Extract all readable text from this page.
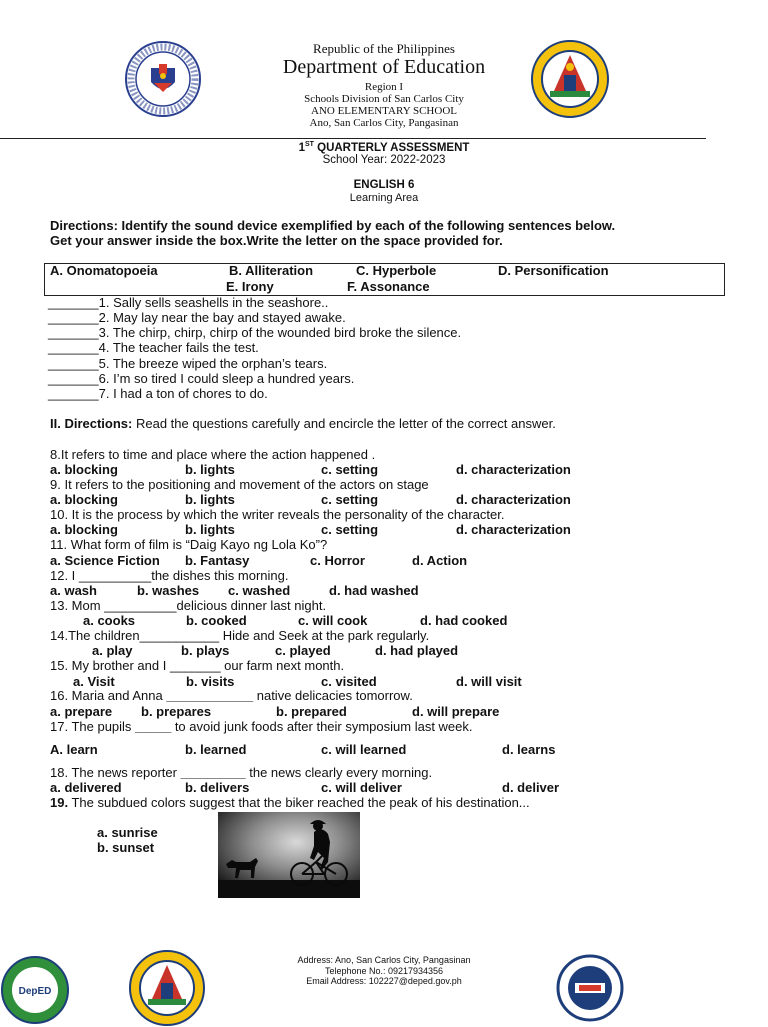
Republic of the Philippines
Department of Education
Region I
Schools Division of San Carlos City
ANO ELEMENTARY SCHOOL
Ano, San Carlos City, Pangasinan
1ST QUARTERLY ASSESSMENT
School Year: 2022-2023
ENGLISH 6
Learning Area
Directions: Identify the sound device exemplified by each of the following sentences below.
Get your answer inside the box.Write the letter on the space provided for.
A. Onomatopoeia	B. Alliteration	C. Hyperbole	D. Personification
E. Irony	F. Assonance
_______1. Sally sells seashells in the seashore..
_______2. May lay near the bay and stayed awake.
_______3. The chirp, chirp, chirp of the wounded bird broke the silence.
_______4. The teacher fails the test.
_______5. The breeze wiped the orphan’s tears.
_______6. I’m so tired I could sleep a hundred years.
_______7. I had a ton of chores to do.
II. Directions: Read the questions carefully and encircle the letter of the correct answer.
8.It refers to time and place where the action happened .
a. blocking	b. lights	c. setting	d. characterization
9. It refers to the positioning and movement of the actors on stage
a. blocking	b. lights	c. setting	d. characterization
10. It is the process by which the writer reveals the personality of the character.
a. blocking	b. lights	c. setting	d. characterization
11. What form of film is “Daig Kayo ng Lola Ko”?
a. Science Fiction b. Fantasy	c. Horror	d. Action
12. I __________the dishes this morning.
a. wash	b. washes c. washed	d. had washed
13. Mom __________delicious dinner last night.
a. cooks	b. cooked	c. will cook	d. had cooked
14.The children___________ Hide and Seek at the park regularly.
a. play	b. plays	c. played	d. had played
15. My brother and I _______ our farm next month.
a. Visit	b. visits	c. visited	d. will visit
16. Maria and Anna ____________ native delicacies tomorrow.
a. prepare b. prepares	b. prepared	d. will prepare
17. The pupils _____ to avoid junk foods after their symposium last week.
A. learn	b. learned	c. will learned	d. learns
18. The news reporter _________ the news clearly every morning.
a. delivered	b. delivers	c. will deliver	d. deliver
19. The subdued colors suggest that the biker reached the peak of his destination...
a. sunrise
b. sunset
DepED
Address: Ano, San Carlos City, Pangasinan
Telephone No.: 09217934356
Email Address: 102227@deped.gov.ph
